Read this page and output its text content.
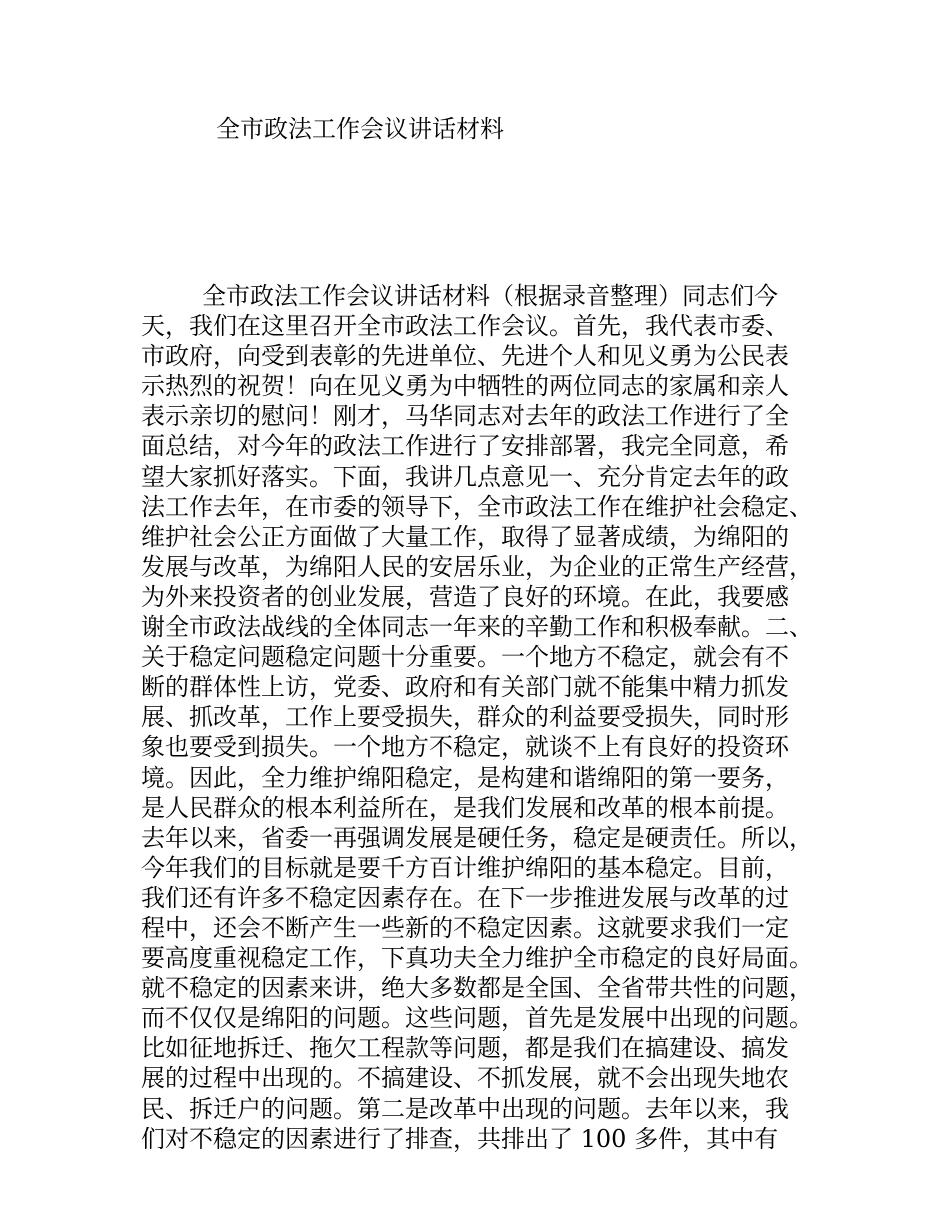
全市政法工作会议讲话材料
全市政法工作会议讲话材料（根据录音整理）同志们今
天，我们在这里召开全市政法工作会议。首先，我代表市委、
市政府，向受到表彰的先进单位、先进个人和见义勇为公民表
示热烈的祝贺！向在见义勇为中牺牲的两位同志的家属和亲人
表示亲切的慰问！刚才，马华同志对去年的政法工作进行了全
面总结，对今年的政法工作进行了安排部署，我完全同意，希
望大家抓好落实。下面，我讲几点意见一、充分肯定去年的政
法工作去年，在市委的领导下，全市政法工作在维护社会稳定、
维护社会公正方面做了大量工作，取得了显著成绩，为绵阳的
发展与改革，为绵阳人民的安居乐业，为企业的正常生产经营，
为外来投资者的创业发展，营造了良好的环境。在此，我要感
谢全市政法战线的全体同志一年来的辛勤工作和积极奉献。二、
关于稳定问题稳定问题十分重要。一个地方不稳定，就会有不
断的群体性上访，党委、政府和有关部门就不能集中精力抓发
展、抓改革，工作上要受损失，群众的利益要受损失，同时形
象也要受到损失。一个地方不稳定，就谈不上有良好的投资环
境。因此，全力维护绵阳稳定，是构建和谐绵阳的第一要务，
是人民群众的根本利益所在，是我们发展和改革的根本前提。
去年以来，省委一再强调发展是硬任务，稳定是硬责任。所以，
今年我们的目标就是要千方百计维护绵阳的基本稳定。目前，
我们还有许多不稳定因素存在。在下一步推进发展与改革的过
程中，还会不断产生一些新的不稳定因素。这就要求我们一定
要高度重视稳定工作，下真功夫全力维护全市稳定的良好局面。
就不稳定的因素来讲，绝大多数都是全国、全省带共性的问题，
而不仅仅是绵阳的问题。这些问题，首先是发展中出现的问题。
比如征地拆迁、拖欠工程款等问题，都是我们在搞建设、搞发
展的过程中出现的。不搞建设、不抓发展，就不会出现失地农
民、拆迁户的问题。第二是改革中出现的问题。去年以来，我
们对不稳定的因素进行了排查，共排出了 100 多件，其中有
